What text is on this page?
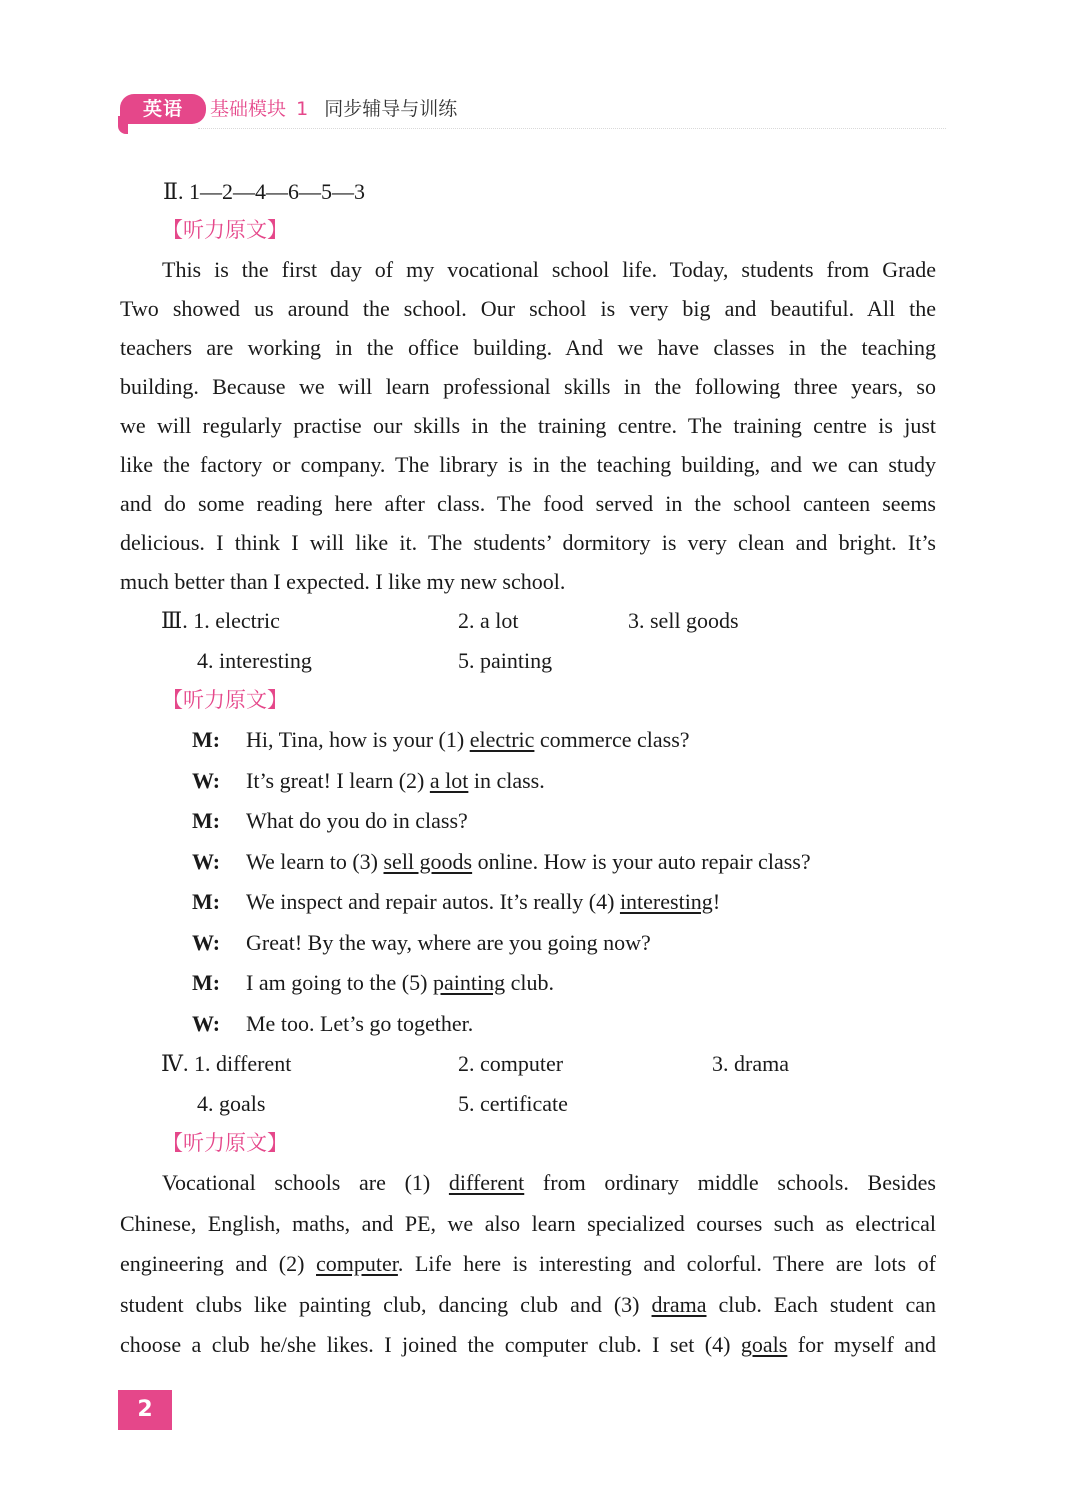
英语	基础模块 1 同步辅导与训练
Ⅱ. 1—2—4—6—5—3
【听力原文】
This is the first day of my vocational school life. Today, students from Grade
Two showed us around the school. Our school is very big and beautiful. All the
teachers are working in the office building. And we have classes in the teaching
building. Because we will learn professional skills in the following three years, so
we will regularly practise our skills in the training centre. The training centre is just
like the factory or company. The library is in the teaching building, and we can study
and do some reading here after class. The food served in the school canteen seems
delicious. I think I will like it. The students’ dormitory is very clean and bright. It’s
much better than I expected. I like my new school.
Ⅲ. 1. electric	2. a lot	3. sell goods
4. interesting	5. painting
【听力原文】
M: Hi, Tina, how is your (1) electric commerce class?
W: It’s great! I learn (2) a lot in class.
M: What do you do in class?
W: We learn to (3) sell goods online. How is your auto repair class?
M: We inspect and repair autos. It’s really (4) interesting!
W: Great! By the way, where are you going now?
M: I am going to the (5) painting club.
W: Me too. Let’s go together.
Ⅳ. 1. different	2. computer	3. drama
4. goals	5. certificate
【听力原文】
Vocational schools are (1) different from ordinary middle schools. Besides
Chinese, English, maths, and PE, we also learn specialized courses such as electrical
engineering and (2) computer. Life here is interesting and colorful. There are lots of
student clubs like painting club, dancing club and (3) drama club. Each student can
choose a club he/she likes. I joined the computer club. I set (4) goals for myself and
2
